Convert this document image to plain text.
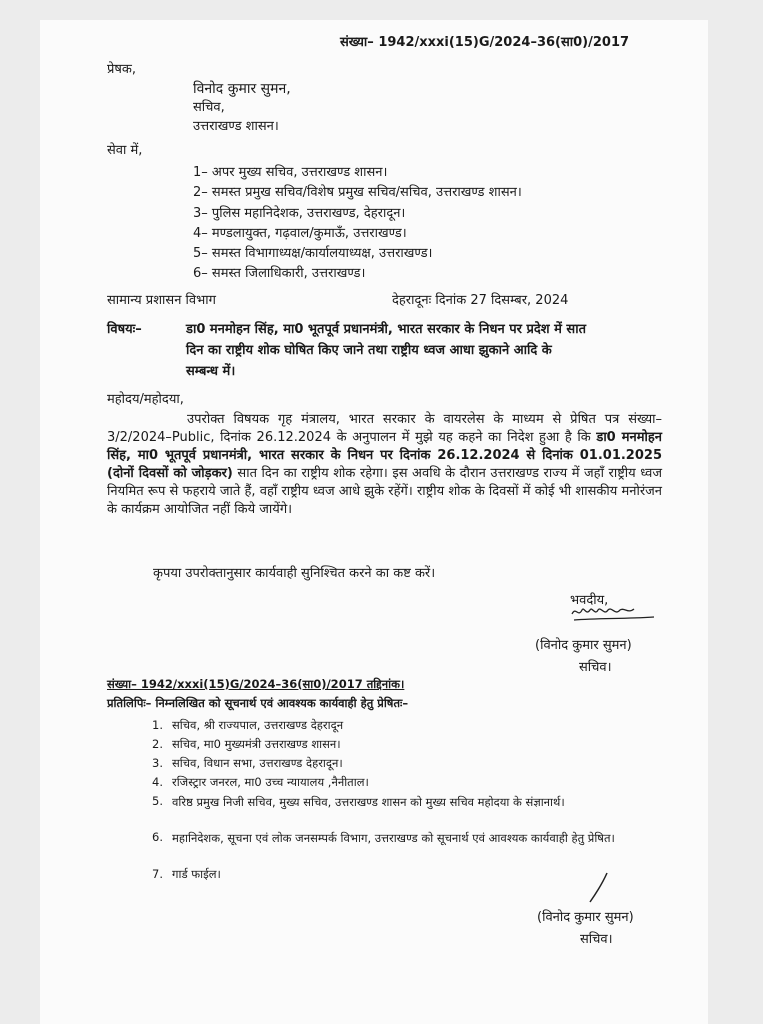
संख्या– 1942/xxxi(15)G/2024–36(सा0)/2017
प्रेषक,
विनोद कुमार सुमन,
सचिव,
उत्तराखण्ड शासन।
सेवा में,
1– अपर मुख्य सचिव, उत्तराखण्ड शासन।
2– समस्त प्रमुख सचिव/विशेष प्रमुख सचिव/सचिव, उत्तराखण्ड शासन।
3– पुलिस महानिदेशक, उत्तराखण्ड, देहरादून।
4– मण्डलायुक्त, गढ़वाल/कुमाऊँ, उत्तराखण्ड।
5– समस्त विभागाध्यक्ष/कार्यालयाध्यक्ष, उत्तराखण्ड।
6– समस्त जिलाधिकारी, उत्तराखण्ड।
सामान्य प्रशासन विभाग	देहरादूनः दिनांक 27 दिसम्बर, 2024
विषयः–	डा0 मनमोहन सिंह, मा0 भूतपूर्व प्रधानमंत्री, भारत सरकार के निधन पर प्रदेश में सात
दिन का राष्ट्रीय शोक घोषित किए जाने तथा राष्ट्रीय ध्वज आधा झुकाने आदि के
सम्बन्ध में।
महोदय/महोदया,
उपरोक्त विषयक गृह मंत्रालय, भारत सरकार के वायरलेस के माध्यम से प्रेषित पत्र संख्या–3/2/2024–Public, दिनांक 26.12.2024 के अनुपालन में मुझे यह कहने का निदेश हुआ है कि डा0 मनमोहन सिंह, मा0 भूतपूर्व प्रधानमंत्री, भारत सरकार के निधन पर दिनांक 26.12.2024 से दिनांक 01.01.2025 (दोनों दिवसों को जोड़कर) सात दिन का राष्ट्रीय शोक रहेगा। इस अवधि के दौरान उत्तराखण्ड राज्य में जहाँ राष्ट्रीय ध्वज नियमित रूप से फहराये जाते हैं, वहाँ राष्ट्रीय ध्वज आधे झुके रहेंगें। राष्ट्रीय शोक के दिवसों में कोई भी शासकीय मनोरंजन के कार्यक्रम आयोजित नहीं किये जायेंगे।
कृपया उपरोक्तानुसार कार्यवाही सुनिश्चित करने का कष्ट करें।
भवदीय,
(विनोद कुमार सुमन)
सचिव।
संख्या– 1942/xxxi(15)G/2024–36(सा0)/2017 तद्दिनांक।
प्रतिलिपिः– निम्नलिखित को सूचनार्थ एवं आवश्यक कार्यवाही हेतु प्रेषितः–
1. सचिव, श्री राज्यपाल, उत्तराखण्ड देहरादून
2. सचिव, मा0 मुख्यमंत्री उत्तराखण्ड शासन।
3. सचिव, विधान सभा, उत्तराखण्ड देहरादून।
4. रजिस्ट्रार जनरल, मा0 उच्च न्यायालय ,नैनीताल।
5. वरिष्ठ प्रमुख निजी सचिव, मुख्य सचिव, उत्तराखण्ड शासन को मुख्य सचिव महोदया के संज्ञानार्थ।
6. महानिदेशक, सूचना एवं लोक जनसम्पर्क विभाग, उत्तराखण्ड को सूचनार्थ एवं आवश्यक कार्यवाही हेतु प्रेषित।
7. गार्ड फाईल।
(विनोद कुमार सुमन)
सचिव।
